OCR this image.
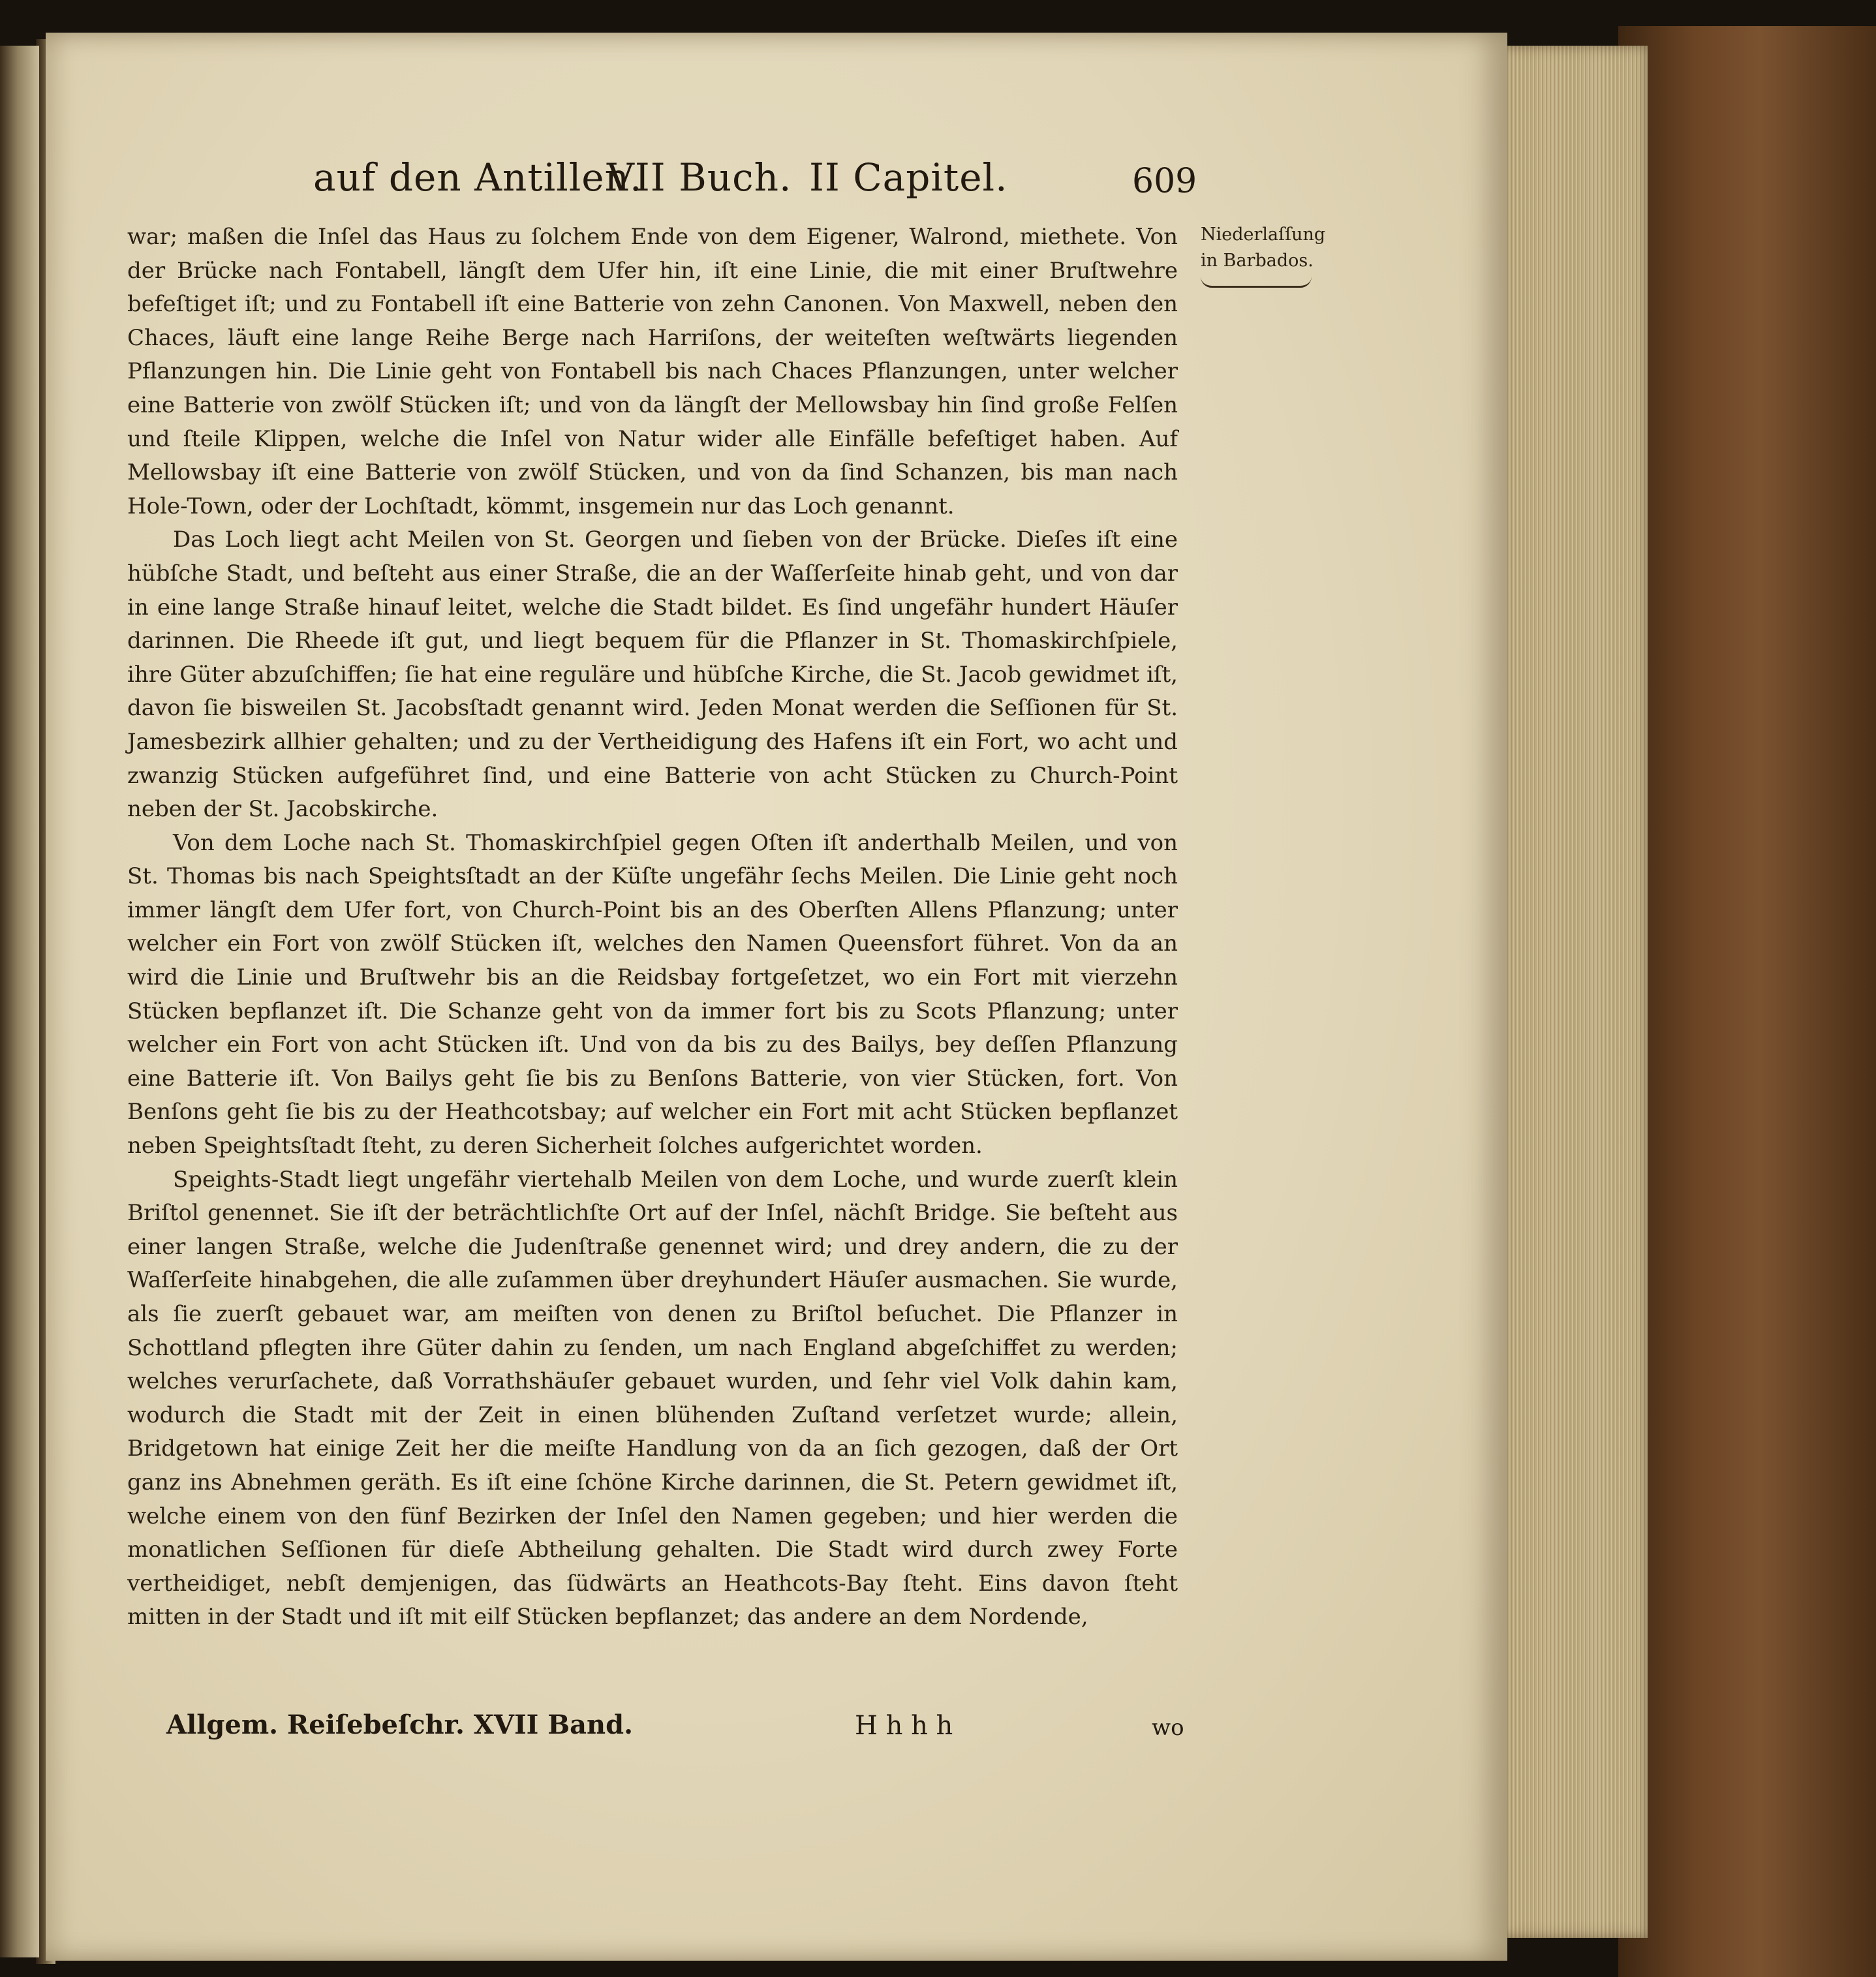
auf den Antillen.
VII Buch. II Capitel.	609
Niederlaſſung in Barbados.

war; maßen die Inſel das Haus zu ſolchem Ende von dem Eigener, Walrond, miethete. Von der Brücke nach Fontabell, längſt dem Ufer hin, iſt eine Linie, die mit einer Bruſtwehre befeſtiget iſt; und zu Fontabell iſt eine Batterie von zehn Canonen. Von Maxwell, neben den Chaces, läuft eine lange Reihe Berge nach Harriſons, der weiteſten weſtwärts liegenden Pflanzungen hin. Die Linie geht von Fontabell bis nach Chaces Pflanzungen, unter welcher eine Batterie von zwölf Stücken iſt; und von da längſt der Mellowsbay hin ſind große Felſen und ſteile Klippen, welche die Inſel von Natur wider alle Einfälle befeſtiget haben. Auf Mellowsbay iſt eine Batterie von zwölf Stücken, und von da ſind Schanzen, bis man nach Hole-Town, oder der Lochſtadt, kömmt, insgemein nur das Loch genannt.

Das Loch liegt acht Meilen von St. Georgen und ſieben von der Brücke. Dieſes iſt eine hübſche Stadt, und beſteht aus einer Straße, die an der Waſſerſeite hinab geht, und von dar in eine lange Straße hinauf leitet, welche die Stadt bildet. Es ſind ungefähr hundert Häuſer darinnen. Die Rheede iſt gut, und liegt bequem für die Pflanzer in St. Thomaskirchſpiele, ihre Güter abzuſchiffen; ſie hat eine reguläre und hübſche Kirche, die St. Jacob gewidmet iſt, davon ſie bisweilen St. Jacobsſtadt genannt wird. Jeden Monat werden die Seſſionen für St. Jamesbezirk allhier gehalten; und zu der Vertheidigung des Hafens iſt ein Fort, wo acht und zwanzig Stücken aufgeführet ſind, und eine Batterie von acht Stücken zu Church-Point neben der St. Jacobskirche.

Von dem Loche nach St. Thomaskirchſpiel gegen Oſten iſt anderthalb Meilen, und von St. Thomas bis nach Speightsſtadt an der Küſte ungefähr ſechs Meilen. Die Linie geht noch immer längſt dem Ufer fort, von Church-Point bis an des Oberſten Allens Pflanzung; unter welcher ein Fort von zwölf Stücken iſt, welches den Namen Queensfort führet. Von da an wird die Linie und Bruſtwehr bis an die Reidsbay fortgeſetzet, wo ein Fort mit vierzehn Stücken bepflanzet iſt. Die Schanze geht von da immer fort bis zu Scots Pflanzung; unter welcher ein Fort von acht Stücken iſt. Und von da bis zu des Bailys, bey deſſen Pflanzung eine Batterie iſt. Von Bailys geht ſie bis zu Benſons Batterie, von vier Stücken, fort. Von Benſons geht ſie bis zu der Heathcotsbay; auf welcher ein Fort mit acht Stücken bepflanzet neben Speightsſtadt ſteht, zu deren Sicherheit ſolches aufgerichtet worden.

Speights-Stadt liegt ungefähr viertehalb Meilen von dem Loche, und wurde zuerſt klein Briſtol genennet. Sie iſt der beträchtlichſte Ort auf der Inſel, nächſt Bridge. Sie beſteht aus einer langen Straße, welche die Judenſtraße genennet wird; und drey andern, die zu der Waſſerſeite hinabgehen, die alle zuſammen über dreyhundert Häuſer ausmachen. Sie wurde, als ſie zuerſt gebauet war, am meiſten von denen zu Briſtol beſuchet. Die Pflanzer in Schottland pflegten ihre Güter dahin zu ſenden, um nach England abgeſchiffet zu werden; welches verurſachete, daß Vorrathshäuſer gebauet wurden, und ſehr viel Volk dahin kam, wodurch die Stadt mit der Zeit in einen blühenden Zuſtand verſetzet wurde; allein, Bridgetown hat einige Zeit her die meiſte Handlung von da an ſich gezogen, daß der Ort ganz ins Abnehmen geräth. Es iſt eine ſchöne Kirche darinnen, die St. Petern gewidmet iſt, welche einem von den fünf Bezirken der Inſel den Namen gegeben; und hier werden die monatlichen Seſſionen für dieſe Abtheilung gehalten. Die Stadt wird durch zwey Forte vertheidiget, nebſt demjenigen, das ſüdwärts an Heathcots-Bay ſteht. Eins davon ſteht mitten in der Stadt und iſt mit eilf Stücken bepflanzet; das andere an dem Nordende,

Allgem. Reiſebeſchr. XVII Band.	H h h h	wo
